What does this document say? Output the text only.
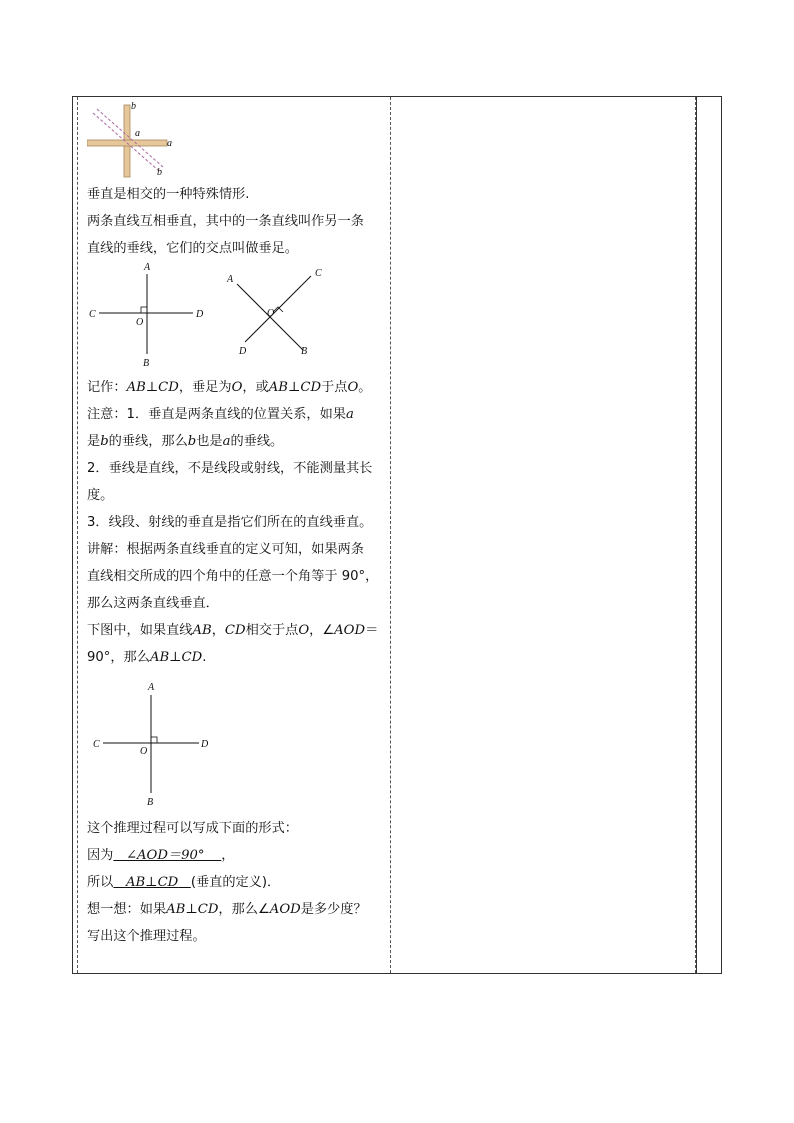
b
a
a
b

垂直是相交的一种特殊情形.

两条直线互相垂直，其中的一条直线叫作另一条

直线的垂线，它们的交点叫做垂足。

A
B
C	D
O
A
C
O
D	B

记作：AB⊥CD，垂足为O，或AB⊥CD于点O。

注意：1．垂直是两条直线的位置关系，如果a

是b的垂线，那么b也是a的垂线。

2．垂线是直线，不是线段或射线，不能测量其长

度。

3．线段、射线的垂直是指它们所在的直线垂直。

讲解：根据两条直线垂直的定义可知，如果两条

直线相交所成的四个角中的任意一个角等于 90°，

那么这两条直线垂直．

下图中，如果直线AB，CD相交于点O，∠AOD＝

90°，那么AB⊥CD.

A
B
C	D
O

这个推理过程可以写成下面的形式：

因为 ∠AOD＝90° ，

所以 AB⊥CD (垂直的定义)．

想一想：如果AB⊥CD，那么∠AOD是多少度？

写出这个推理过程。
